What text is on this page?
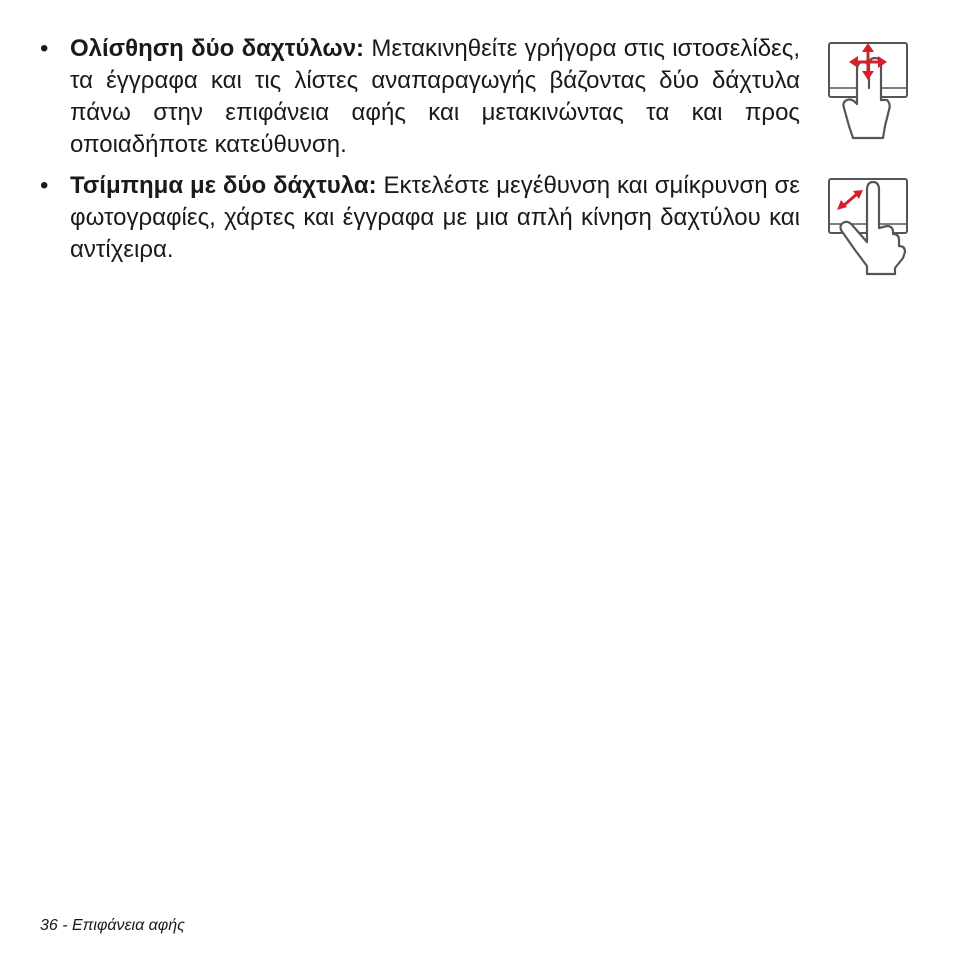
• Ολίσθηση δύο δαχτύλων: Μετακινηθείτε γρήγορα στις ιστοσελίδες, τα έγγραφα και τις λίστες αναπαραγωγής βάζοντας δύο δάχτυλα πάνω στην επιφάνεια αφής και μετακινώντας τα και προς οποιαδήποτε κατεύθυνση.

• Τσίμπημα με δύο δάχτυλα: Εκτελέστε μεγέθυνση και σμίκρυνση σε φωτογραφίες, χάρτες και έγγραφα με μια απλή κίνηση δαχτύλου και αντίχειρα.

36 - Επιφάνεια αφής
